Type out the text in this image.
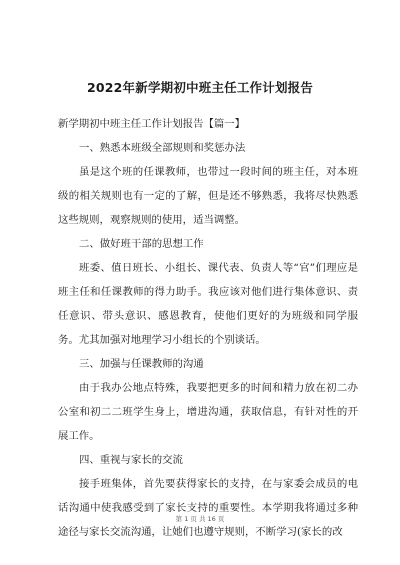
2022年新学期初中班主任工作计划报告

新学期初中班主任工作计划报告【篇一】

一、熟悉本班级全部规则和奖惩办法

虽是这个班的任课教师，也带过一段时间的班主任，对本班级的相关规则也有一定的了解，但是还不够熟悉，我将尽快熟悉这些规则，观察规则的使用，适当调整。

二、做好班干部的思想工作

班委、值日班长、小组长、课代表、负责人等“官”们理应是班主任和任课教师的得力助手。我应该对他们进行集体意识、责任意识、带头意识、感恩教育，使他们更好的为班级和同学服务。尤其加强对地理学习小组长的个别谈话。

三、加强与任课教师的沟通

由于我办公地点特殊，我要把更多的时间和精力放在初二办公室和初二二班学生身上，增进沟通，获取信息，有针对性的开展工作。

四、重视与家长的交流

接手班集体，首先要获得家长的支持，在与家委会成员的电话沟通中使我感受到了家长支持的重要性。本学期我将通过多种途径与家长交流沟通，让她们也遵守规则，不断学习(家长的改

第 1 页 共 16 页
